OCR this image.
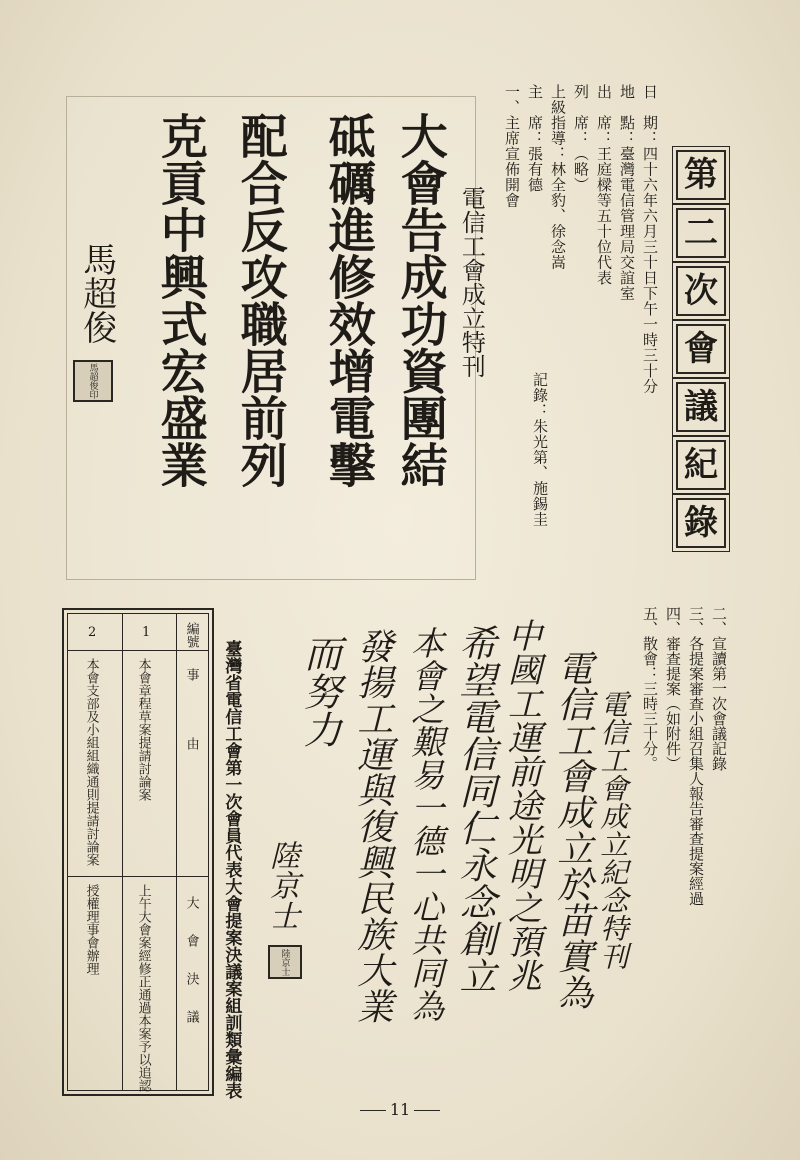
第
二
次
會
議
紀
錄
日　期：四十六年六月三十日下午一時三十分
地　點：臺灣電信管理局交誼室
出　席：王庭樑等五十位代表
列　席：（略）
上級指導：林全豹、徐念嵩
主　席：張有德
一、主席宣佈開會
記錄：朱光第、施錫圭
電信工會成立特刊
大會告成功資團結
砥礪進修效增電擊
配合反攻職居前列
克貢中興式宏盛業
馬超俊
馬超俊印
二、宣讀第一次會議記錄
三、各提案審查小組召集人報告審查提案經過
四、審查提案（如附件）
五、散會：三時三十分。
電信工會成立紀念特刊
電信工會成立於苗實為
中國工運前途光明之預兆
希望電信同仁永念創立
本會之艱易一德一心共同為
發揚工運與復興民族大業
而努力
陸京士
陸京士
臺灣省電信工會第一次會員代表大會提案決議案組訓類彙編表
編號
事　　由
大　會　決　議
1
本會章程草案提請討論案
上午大會案經修正通過本案予以追認
2
本會支部及小組組織通則提請討論案
授權理事會辦理
11
